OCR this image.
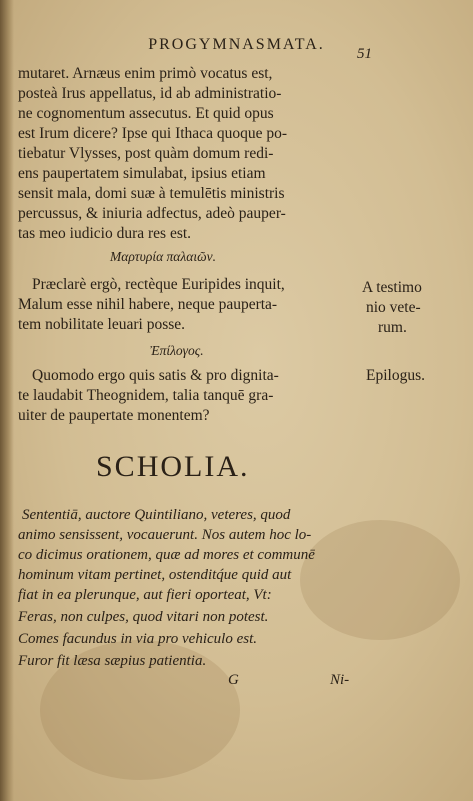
PROGYMNASMATA.
51
mutaret. Arnæus enim primò vocatus est,
posteà Irus appellatus, id ab administratio-
ne cognomentum assecutus. Et quid opus
est Irum dicere? Ipse qui Ithaca quoque po-
tiebatur Vlysses, post quàm domum redi-
ens paupertatem simulabat, ipsius etiam
sensit mala, domi suæ à temulētis ministris
percussus, & iniuria adfectus, adeò pauper-
tas meo iudicio dura res est.
Μαρτυρία παλαιῶν.
Præclarè ergò, rectèque Euripides inquit,
Malum esse nihil habere, neque pauperta-
tem nobilitate leuari posse.
A testimo
nio vete-
rum.
Ἐπίλογος.
Quomodo ergo quis satis & pro dignita-
te laudabit Theognidem, talia tanquē gra-
uiter de paupertate monentem?
Epilogus.
SCHOLIA.
Sententiā, auctore Quintiliano, veteres, quod
animo sensissent, vocauerunt. Nos autem hoc lo-
co dicimus orationem, quæ ad mores et communē
hominum vitam pertinet, ostenditq́ue quid aut
fiat in ea plerunque, aut fieri oporteat, Vt:
Feras, non culpes, quod vitari non potest.
Comes facundus in via pro vehiculo est.
Furor fit læsa sæpius patientia.
G	Ni-
